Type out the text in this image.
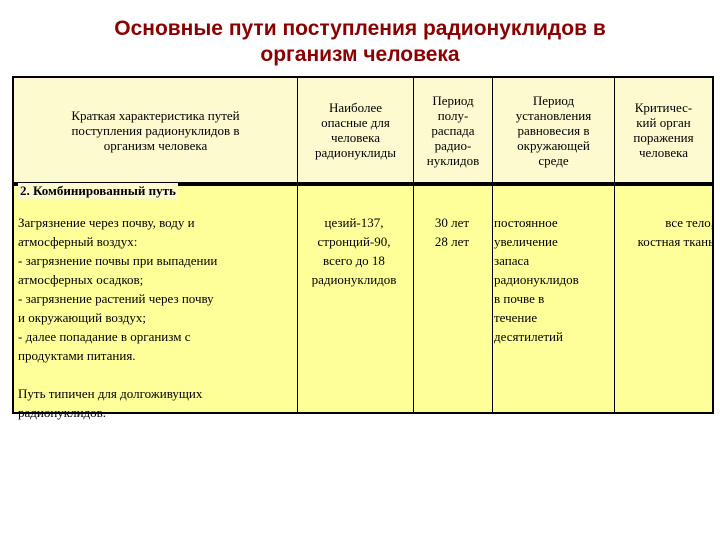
Основные пути поступления радионуклидов в
организм человека
Краткая характеристика путей
поступления радионуклидов в
организм человека
Наиболее
опасные для
человека
радионуклиды
Период
полу-
распада
радио-
нуклидов
Период
установления
равновесия в
окружающей
среде
Критичес-
кий орган
поражения
человека
2. Комбинированный путь

Загрязнение через почву, воду и

атмосферный воздух:

- загрязнение почвы при выпадении

атмосферных осадков;

- загрязнение растений через почву

и окружающий воздух;

- далее попадание в организм с

продуктами питания.

Путь типичен для долгоживущих

радионуклидов.

цезий-137,

стронций-90,

всего до 18

радионуклидов

30 лет

28 лет

постоянное

увеличение

запаса

радионуклидов

в почве в

течение

десятилетий

все тело,

костная ткань
